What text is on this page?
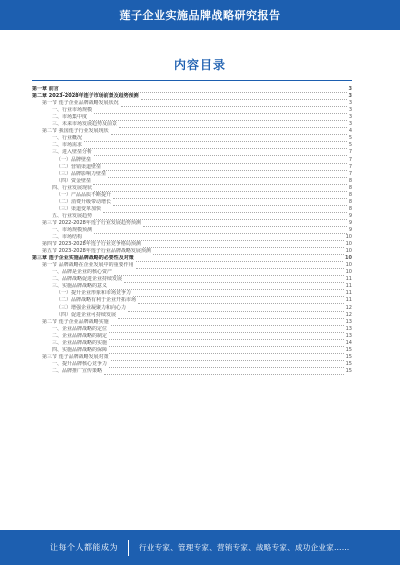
莲子企业实施品牌战略研究报告
内容目录
第一章 前言	3
第二章 2023-2028年莲子市场前景及趋势预测	3
第一节 莲子企业品牌战略发展状况	3
一、行业市场规模	3
二、市场集中度	3
三、未来市场发展趋势及前景	3
第二节 我国莲子行业发展现状	4
一、行业概况	5
二、市场需求	5
三、进入壁垒分析	7
（一）品牌壁垒	7
（二）营销渠道壁垒	7
（三）品牌影响力壁垒	7
（四）资金壁垒	8
四、行业发展现状	8
（一）产品品质不断提升	8
（二）消费升级带动增长	8
（三）渠道变革加快	8
五、行业发展趋势	9
第三节 2022-2028年莲子行业发展趋势预测	9
一、市场规模预测	9
二、市场结构	10
第四节 2023-2028年莲子行业竞争格局预测	10
第五节 2023-2028年莲子行业品牌战略发展预测	10
第三章 莲子企业实施品牌战略的必要性及对策	10
第一节 品牌战略在企业发展中的重要作用	10
一、品牌是企业的核心资产	10
二、品牌战略促进企业持续发展	11
三、实施品牌战略的意义	11
（一）提升企业形象和市场竞争力	11
（二）品牌战略有利于企业开拓市场	11
（三）增强企业凝聚力和向心力	12
（四）促进企业可持续发展	12
第二节 莲子企业品牌战略实施	13
一、企业品牌战略的定位	13
二、企业品牌战略的制定	13
三、企业品牌战略的实施	14
四、实施品牌战略的保障	15
第三节 莲子品牌战略发展对策	15
一、提升品牌核心竞争力	15
二、品牌推广宣传策略	15
让每个人都能成为	行业专家、管理专家、营销专家、战略专家、成功企业家……
